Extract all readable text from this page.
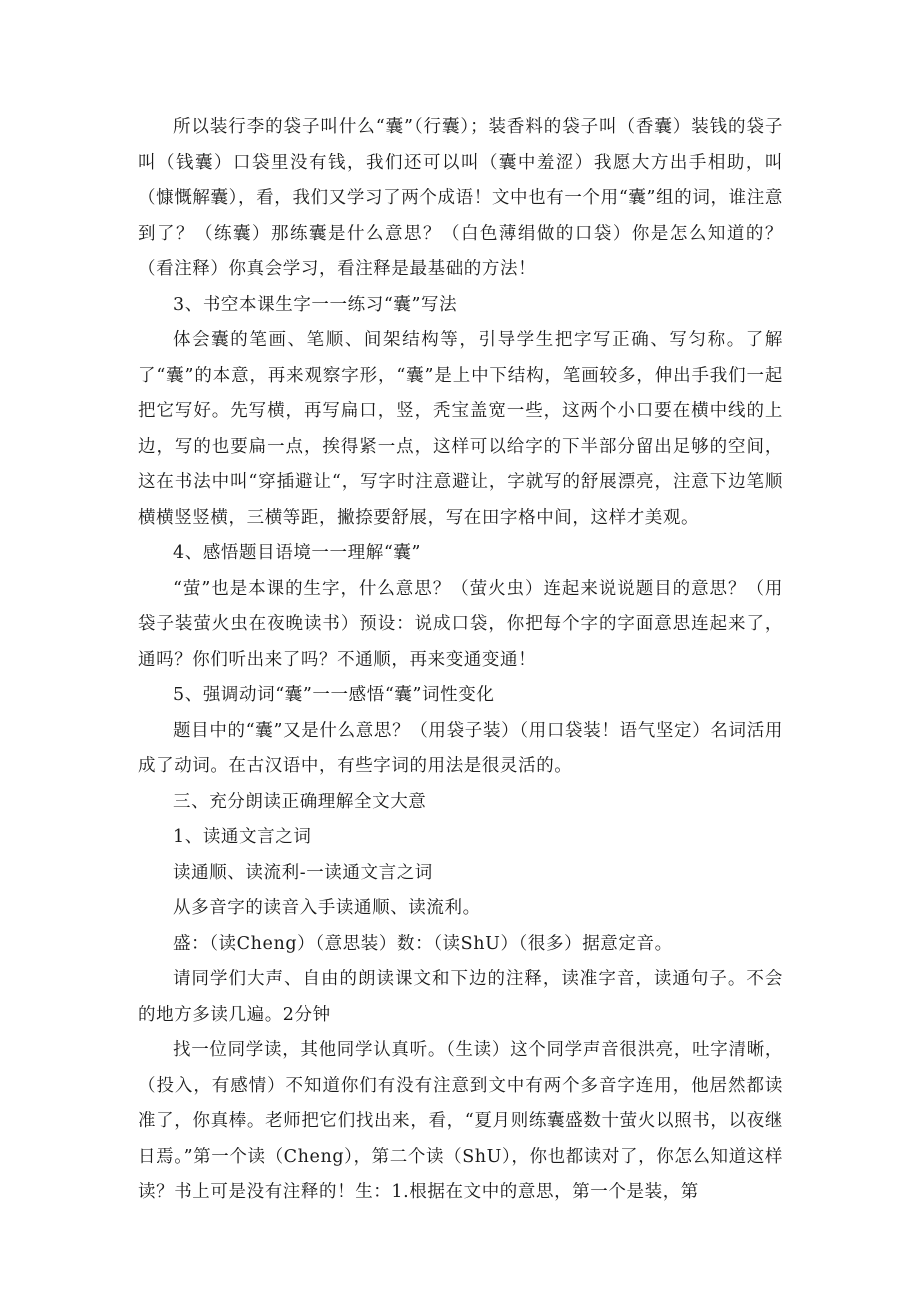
所以装行李的袋子叫什么“囊”（行囊）；装香料的袋子叫（香囊）装钱的袋子叫（钱囊）口袋里没有钱，我们还可以叫（囊中羞涩）我愿大方出手相助，叫（慷慨解囊），看，我们又学习了两个成语！文中也有一个用“囊”组的词，谁注意到了？（练囊）那练囊是什么意思？（白色薄绢做的口袋）你是怎么知道的？（看注释）你真会学习，看注释是最基础的方法！

3、书空本课生字一一练习“囊”写法

体会囊的笔画、笔顺、间架结构等，引导学生把字写正确、写匀称。了解了“囊”的本意，再来观察字形，“囊”是上中下结构，笔画较多，伸出手我们一起把它写好。先写横，再写扁口，竖，秃宝盖宽一些，这两个小口要在横中线的上边，写的也要扁一点，挨得紧一点，这样可以给字的下半部分留出足够的空间，这在书法中叫“穿插避让“，写字时注意避让，字就写的舒展漂亮，注意下边笔顺横横竖竖横，三横等距，撇捺要舒展，写在田字格中间，这样才美观。

4、感悟题目语境一一理解“囊”

“萤”也是本课的生字，什么意思？（萤火虫）连起来说说题目的意思？（用袋子装萤火虫在夜晚读书）预设：说成口袋，你把每个字的字面意思连起来了，通吗？你们听出来了吗？不通顺，再来变通变通！

5、强调动词“囊”一一感悟“囊”词性变化

题目中的“囊”又是什么意思？（用袋子装）（用口袋装！语气坚定）名词活用成了动词。在古汉语中，有些字词的用法是很灵活的。

三、充分朗读正确理解全文大意

1、读通文言之词

读通顺、读流利-一读通文言之词

从多音字的读音入手读通顺、读流利。

盛：（读Cheng）（意思装）数：（读ShU）（很多）据意定音。

请同学们大声、自由的朗读课文和下边的注释，读准字音，读通句子。不会的地方多读几遍。2分钟

找一位同学读，其他同学认真听。（生读）这个同学声音很洪亮，吐字清晰，（投入，有感情）不知道你们有没有注意到文中有两个多音字连用，他居然都读准了，你真棒。老师把它们找出来，看，“夏月则练囊盛数十萤火以照书，以夜继日焉。”第一个读（Cheng），第二个读（ShU），你也都读对了，你怎么知道这样读？书上可是没有注释的！生：1.根据在文中的意思，第一个是装，第
